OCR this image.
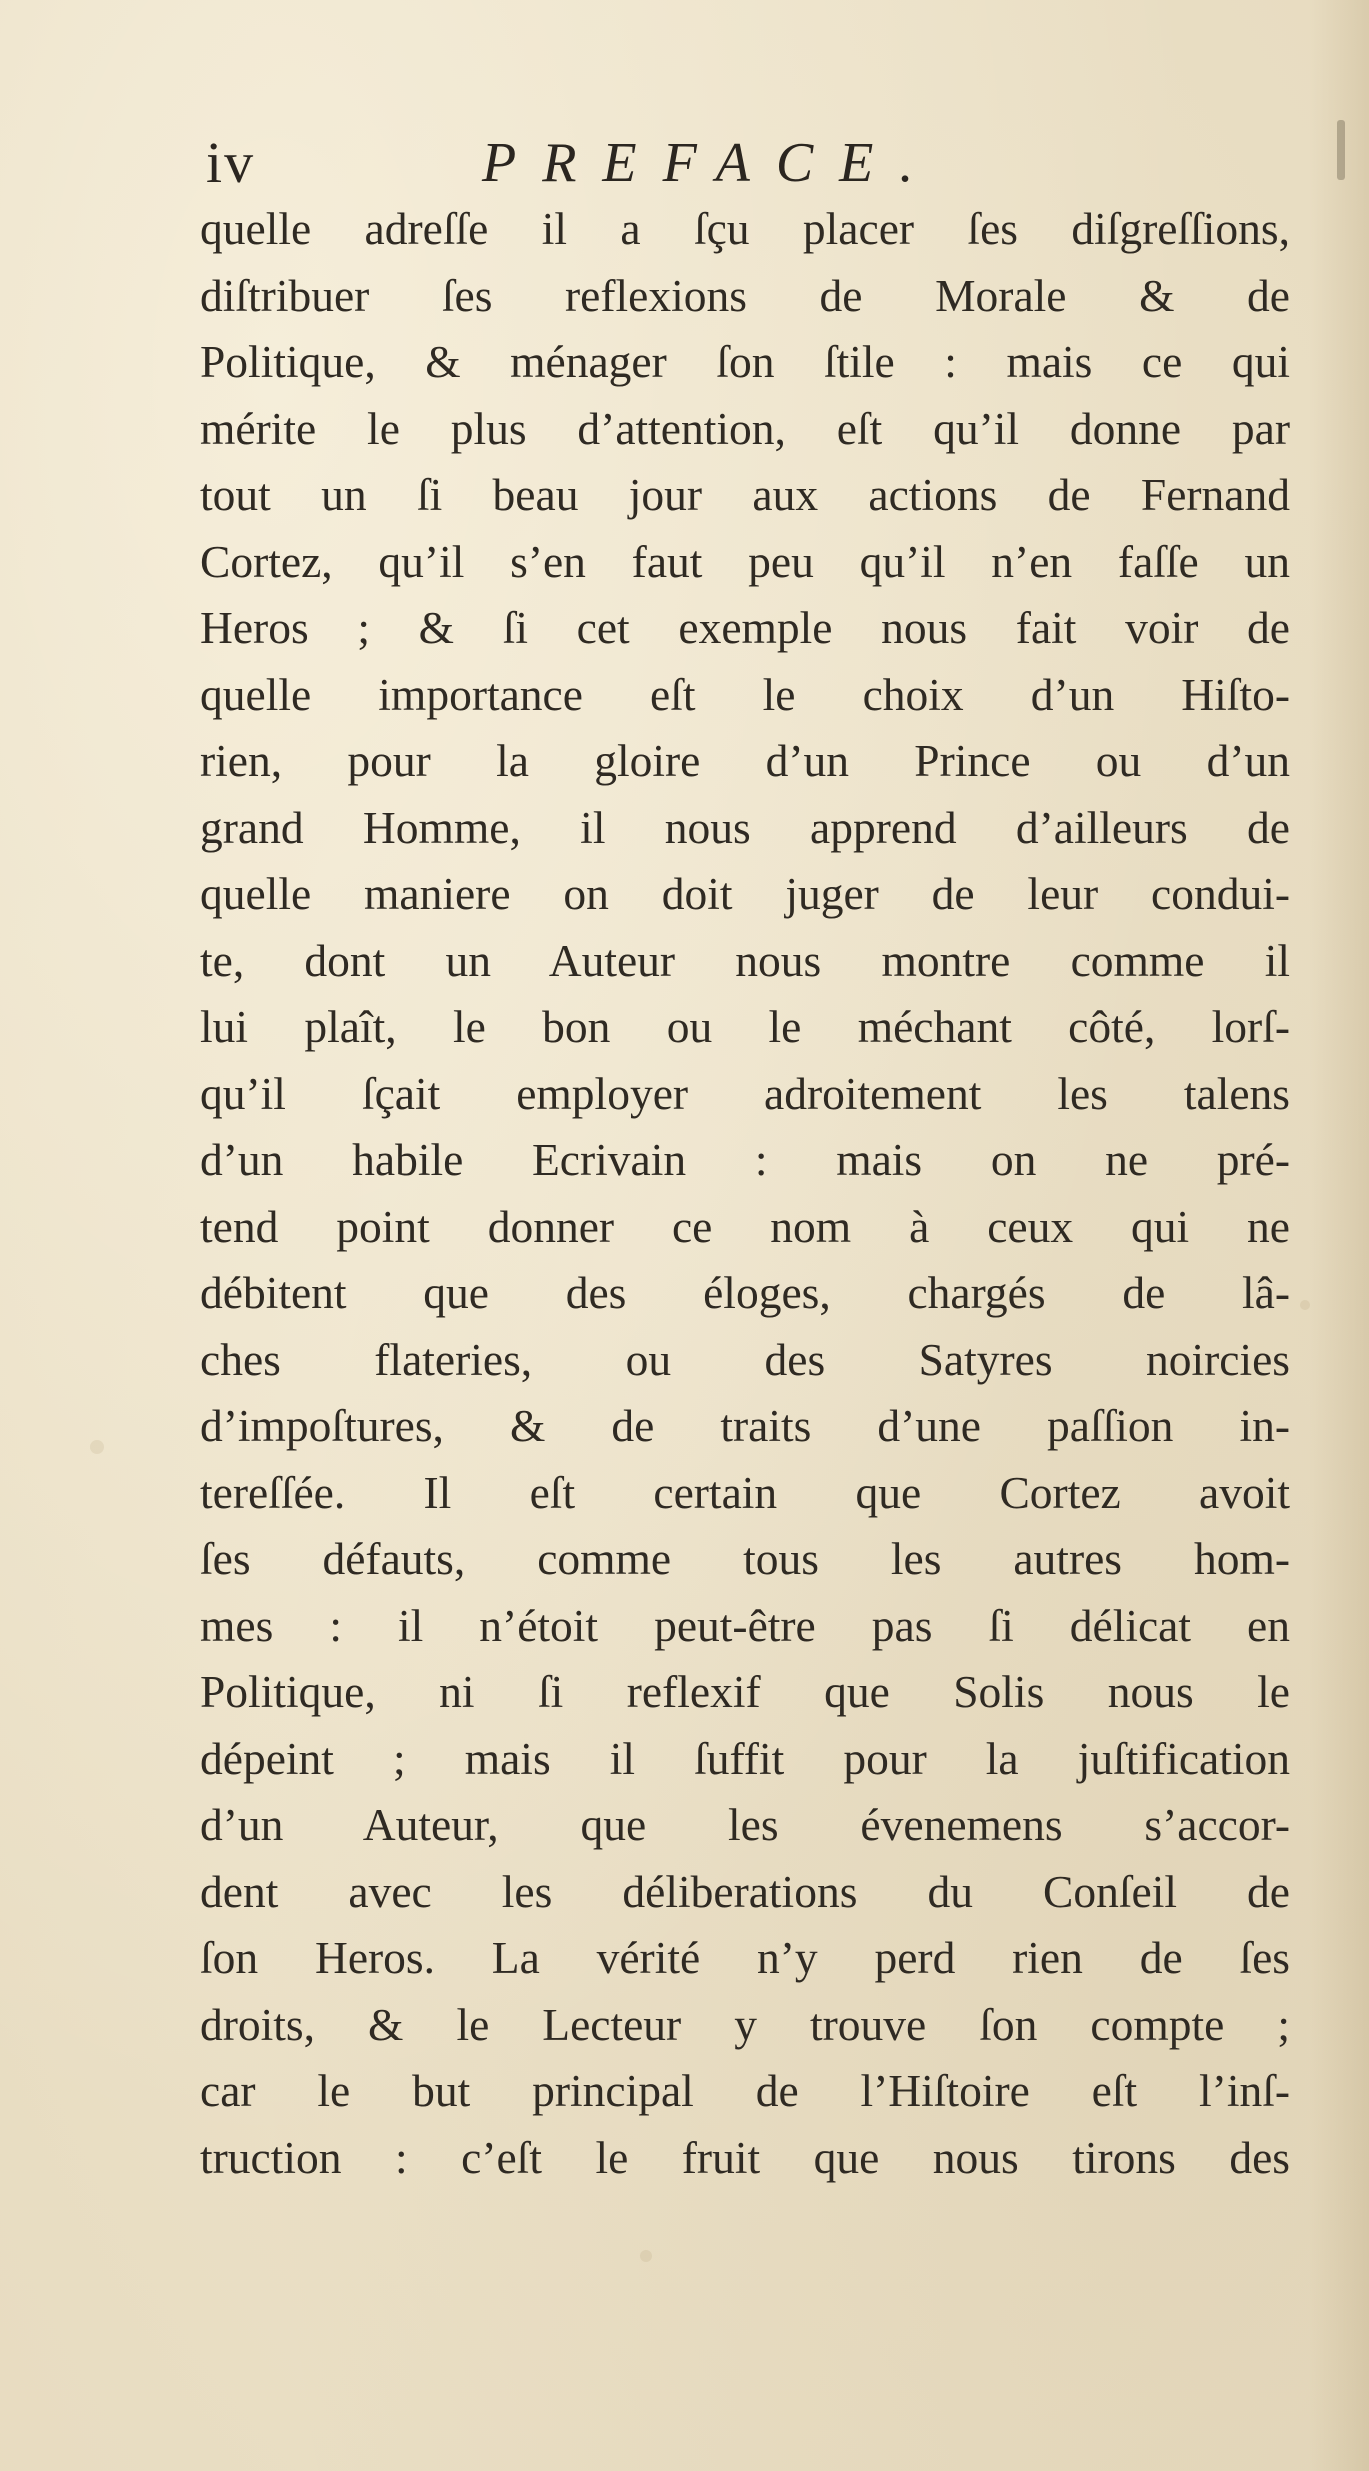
iv	PREFACE.
quelle adreſſe il a ſçu placer ſes diſgreſſions,
diſtribuer ſes reflexions de Morale & de
Politique, & ménager ſon ſtile : mais ce qui
mérite le plus d’attention, eſt qu’il donne par
tout un ſi beau jour aux actions de Fernand
Cortez, qu’il s’en faut peu qu’il n’en faſſe un
Heros ; & ſi cet exemple nous fait voir de
quelle importance eſt le choix d’un Hiſto-
rien, pour la gloire d’un Prince ou d’un
grand Homme, il nous apprend d’ailleurs de
quelle maniere on doit juger de leur condui-
te, dont un Auteur nous montre comme il
lui plaît, le bon ou le méchant côté, lorſ-
qu’il ſçait employer adroitement les talens
d’un habile Ecrivain : mais on ne pré-
tend point donner ce nom à ceux qui ne
débitent que des éloges, chargés de lâ-
ches flateries, ou des Satyres noircies
d’impoſtures, & de traits d’une paſſion in-
tereſſée. Il eſt certain que Cortez avoit
ſes défauts, comme tous les autres hom-
mes : il n’étoit peut-être pas ſi délicat en
Politique, ni ſi reflexif que Solis nous le
dépeint ; mais il ſuffit pour la juſtification
d’un Auteur, que les évenemens s’accor-
dent avec les déliberations du Conſeil de
ſon Heros. La vérité n’y perd rien de ſes
droits, & le Lecteur y trouve ſon compte ;
car le but principal de l’Hiſtoire eſt l’inſ-
truction : c’eſt le fruit que nous tirons des
